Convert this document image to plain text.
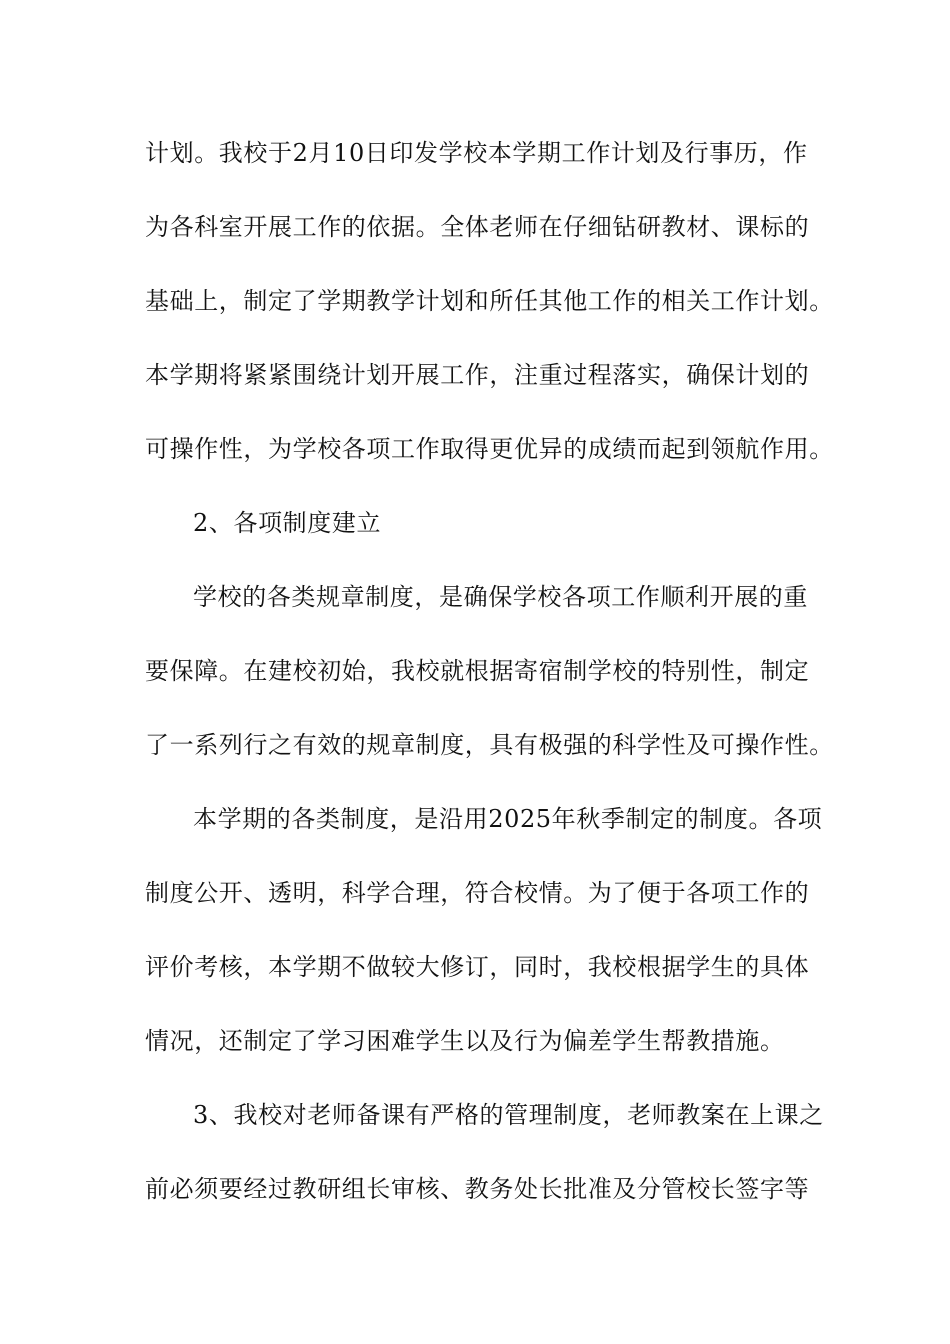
计划。我校于2月10日印发学校本学期工作计划及行事历，作
为各科室开展工作的依据。全体老师在仔细钻研教材、课标的
基础上，制定了学期教学计划和所任其他工作的相关工作计划。
本学期将紧紧围绕计划开展工作，注重过程落实，确保计划的
可操作性，为学校各项工作取得更优异的成绩而起到领航作用。
2、各项制度建立
学校的各类规章制度，是确保学校各项工作顺利开展的重
要保障。在建校初始，我校就根据寄宿制学校的特别性，制定
了一系列行之有效的规章制度，具有极强的科学性及可操作性。
本学期的各类制度，是沿用2025年秋季制定的制度。各项
制度公开、透明，科学合理，符合校情。为了便于各项工作的
评价考核，本学期不做较大修订，同时，我校根据学生的具体
情况，还制定了学习困难学生以及行为偏差学生帮教措施。
3、我校对老师备课有严格的管理制度，老师教案在上课之
前必须要经过教研组长审核、教务处长批准及分管校长签字等
